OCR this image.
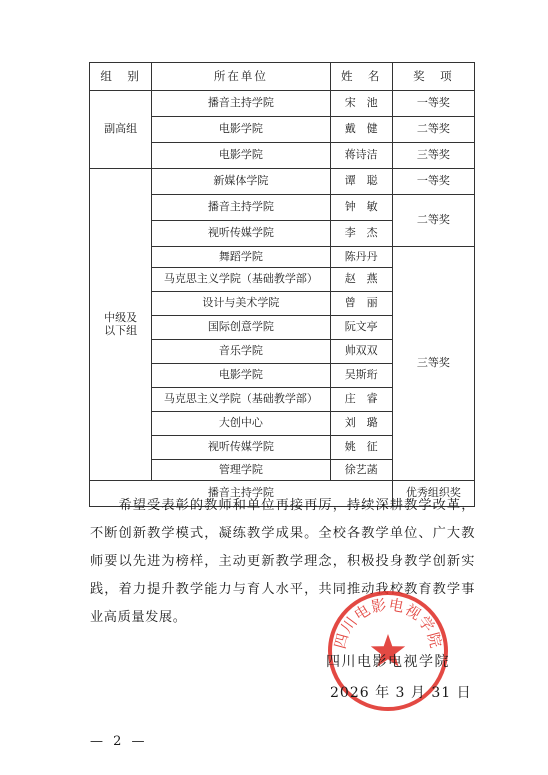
组　别	所在单位	姓　名	奖　项
副高组	播音主持学院	宋　池	一等奖
	电影学院	戴　健	二等奖
	电影学院	蒋诗洁	三等奖
中级及
以下组	新媒体学院	谭　聪	一等奖
	播音主持学院	钟　敏	二等奖
	视听传媒学院	李　杰	
	舞蹈学院	陈丹丹	三等奖
	马克思主义学院（基础教学部）	赵　燕	
	设计与美术学院	曾　丽	
	国际创意学院	阮文亭	
	音乐学院	帅双双	
	电影学院	吴斯珩	
	马克思主义学院（基础教学部）	庄　睿	
	大创中心	刘　璐	
	视听传媒学院	姚　征	
	管理学院	徐艺菡	
播音主持学院			优秀组织奖

希望受表彰的教师和单位再接再厉，持续深耕教学改革，不断创新教学模式，凝练教学成果。全校各教学单位、广大教师要以先进为榜样，主动更新教学理念，积极投身教学创新实践，着力提升教学能力与育人水平，共同推动我校教育教学事业高质量发展。

四川电影电视学院
四川电影电视学院
2026 年 3 月 31 日
— 2 —
